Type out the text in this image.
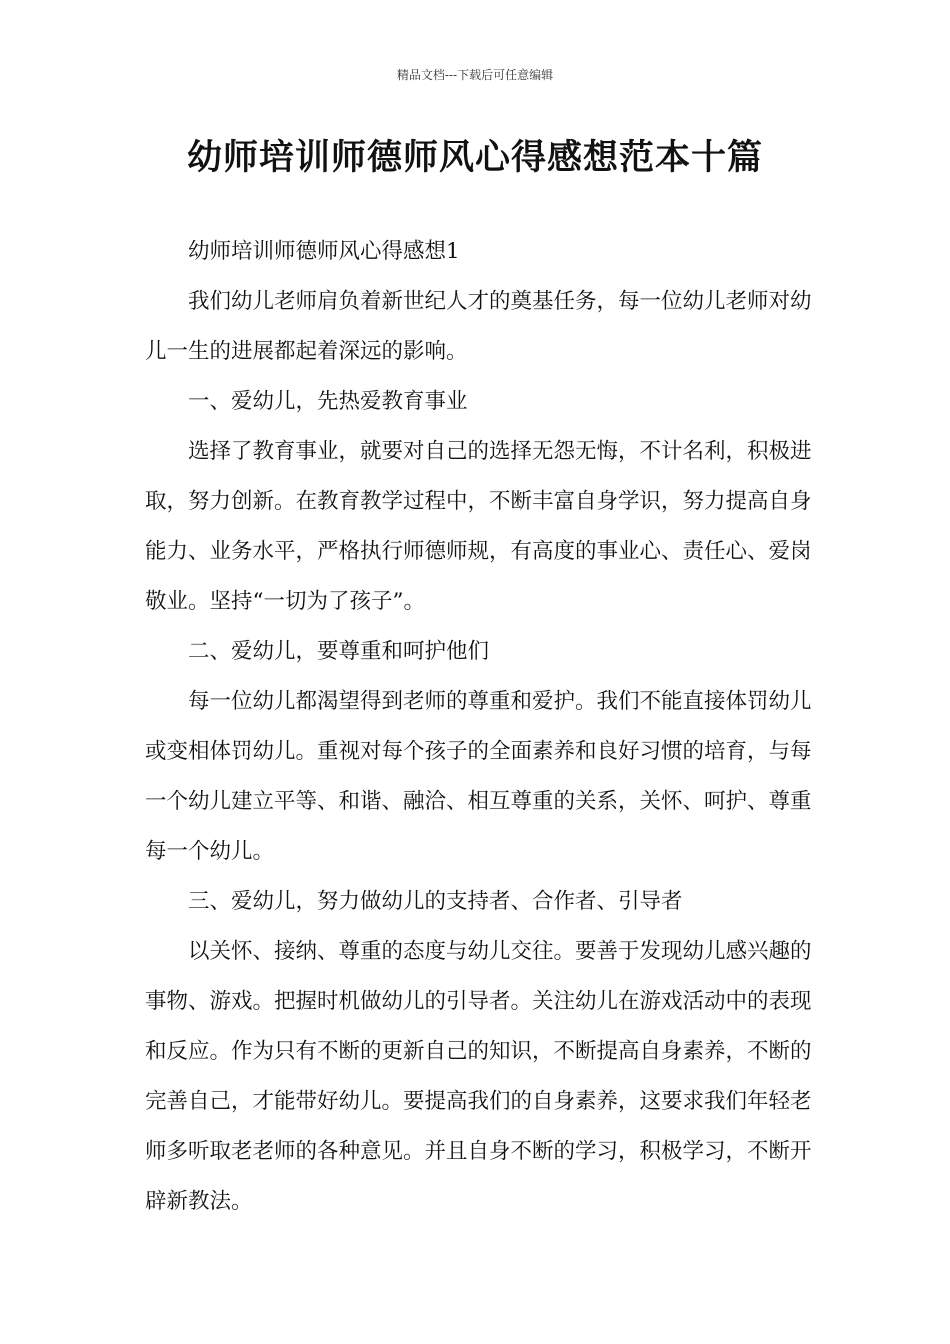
精品文档---下载后可任意编辑
幼师培训师德师风心得感想范本十篇

幼师培训师德师风心得感想1

我们幼儿老师肩负着新世纪人才的奠基任务，每一位幼儿老师对幼儿一生的进展都起着深远的影响。

一、爱幼儿，先热爱教育事业

选择了教育事业，就要对自己的选择无怨无悔，不计名利，积极进取，努力创新。在教育教学过程中，不断丰富自身学识，努力提高自身能力、业务水平，严格执行师德师规，有高度的事业心、责任心、爱岗敬业。坚持“一切为了孩子”。

二、爱幼儿，要尊重和呵护他们

每一位幼儿都渴望得到老师的尊重和爱护。我们不能直接体罚幼儿或变相体罚幼儿。重视对每个孩子的全面素养和良好习惯的培育，与每一个幼儿建立平等、和谐、融洽、相互尊重的关系，关怀、呵护、尊重每一个幼儿。

三、爱幼儿，努力做幼儿的支持者、合作者、引导者

以关怀、接纳、尊重的态度与幼儿交往。要善于发现幼儿感兴趣的事物、游戏。把握时机做幼儿的引导者。关注幼儿在游戏活动中的表现和反应。作为只有不断的更新自己的知识，不断提高自身素养，不断的完善自己，才能带好幼儿。要提高我们的自身素养，这要求我们年轻老师多听取老老师的各种意见。并且自身不断的学习，积极学习，不断开辟新教法。
